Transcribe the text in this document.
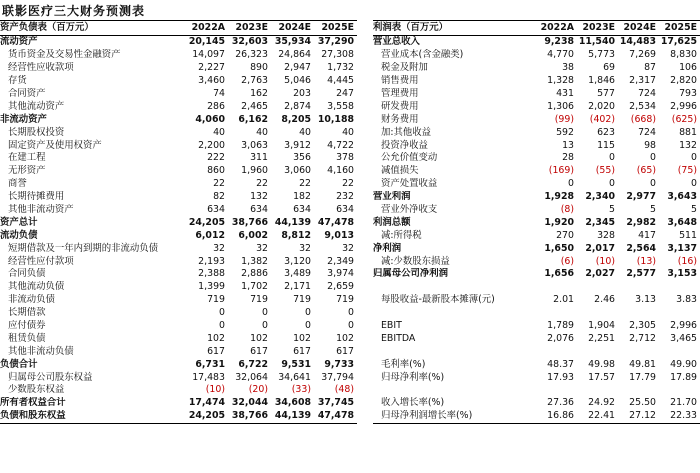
联影医疗三大财务预测表
资产负债表（百万元）	2022A	2023E	2024E	2025E
流动资产	20,145	32,603	35,934	37,290
货币资金及交易性金融资产	14,097	26,323	24,864	27,308
经营性应收款项	2,227	890	2,947	1,732
存货	3,460	2,763	5,046	4,445
合同资产	74	162	203	247
其他流动资产	286	2,465	2,874	3,558
非流动资产	4,060	6,162	8,205	10,188
长期股权投资	40	40	40	40
固定资产及使用权资产	2,200	3,063	3,912	4,722
在建工程	222	311	356	378
无形资产	860	1,960	3,060	4,160
商誉	22	22	22	22
长期待摊费用	82	132	182	232
其他非流动资产	634	634	634	634
资产总计	24,205	38,766	44,139	47,478
流动负债	6,012	6,002	8,812	9,013
短期借款及一年内到期的非流动负债	32	32	32	32
经营性应付款项	2,193	1,382	3,120	2,349
合同负债	2,388	2,886	3,489	3,974
其他流动负债	1,399	1,702	2,171	2,659
非流动负债	719	719	719	719
长期借款	0	0	0	0
应付债券	0	0	0	0
租赁负债	102	102	102	102
其他非流动负债	617	617	617	617
负债合计	6,731	6,722	9,531	9,733
归属母公司股东权益	17,483	32,064	34,641	37,794
少数股东权益	(10)	(20)	(33)	(48)
所有者权益合计	17,474	32,044	34,608	37,745
负债和股东权益	24,205	38,766	44,139	47,478
利润表（百万元）	2022A	2023E	2024E	2025E
营业总收入	9,238	11,540	14,483	17,625
营业成本(含金融类)	4,770	5,773	7,269	8,830
税金及附加	38	69	87	106
销售费用	1,328	1,846	2,317	2,820
管理费用	431	577	724	793
研发费用	1,306	2,020	2,534	2,996
财务费用	(99)	(402)	(668)	(625)
加:其他收益	592	623	724	881
投资净收益	13	115	98	132
公允价值变动	28	0	0	0
减值损失	(169)	(55)	(65)	(75)
资产处置收益	0	0	0	0
营业利润	1,928	2,340	2,977	3,643
营业外净收支	(8)	5	5	5
利润总额	1,920	2,345	2,982	3,648
减:所得税	270	328	417	511
净利润	1,650	2,017	2,564	3,137
减:少数股东损益	(6)	(10)	(13)	(16)
归属母公司净利润	1,656	2,027	2,577	3,153

每股收益-最新股本摊薄(元)	2.01	2.46	3.13	3.83

EBIT	1,789	1,904	2,305	2,996
EBITDA	2,076	2,251	2,712	3,465

毛利率(%)	48.37	49.98	49.81	49.90
归母净利率(%)	17.93	17.57	17.79	17.89

收入增长率(%)	27.36	24.92	25.50	21.70
归母净利润增长率(%)	16.86	22.41	27.12	22.33
